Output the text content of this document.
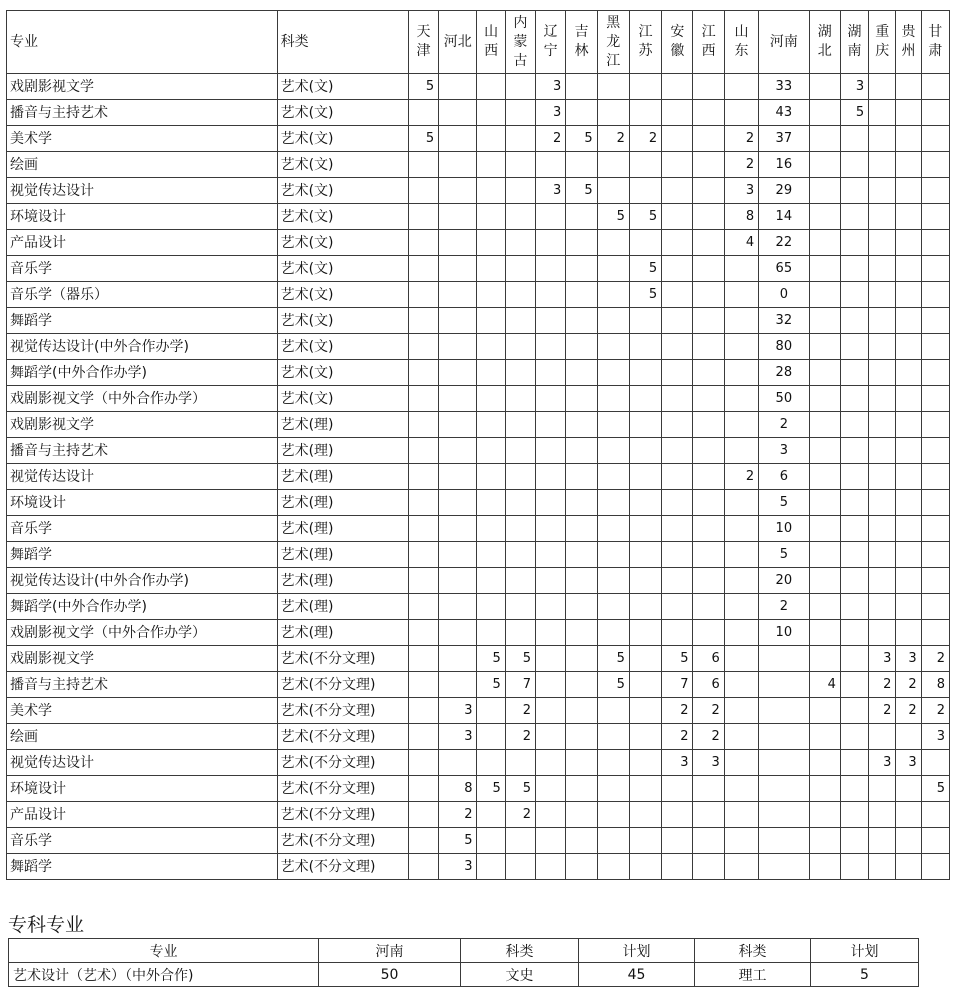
专业	科类	天津	河北	山西	内蒙古	辽宁	吉林	黑龙江	江苏	安徽	江西	山东	河南	湖北	湖南	重庆	贵州	甘肃
戏剧影视文学	艺术(文)	5				3							33		3			
播音与主持艺术	艺术(文)					3							43		5			
美术学	艺术(文)	5				2	5	2	2			2	37					
绘画	艺术(文)											2	16					
视觉传达设计	艺术(文)					3	5					3	29					
环境设计	艺术(文)							5	5			8	14					
产品设计	艺术(文)											4	22					
音乐学	艺术(文)								5				65					
音乐学（器乐）	艺术(文)								5				0					
舞蹈学	艺术(文)												32					
视觉传达设计(中外合作办学)	艺术(文)												80					
舞蹈学(中外合作办学)	艺术(文)												28					
戏剧影视文学（中外合作办学）	艺术(文)												50					
戏剧影视文学	艺术(理)												2					
播音与主持艺术	艺术(理)												3					
视觉传达设计	艺术(理)											2	6					
环境设计	艺术(理)												5					
音乐学	艺术(理)												10					
舞蹈学	艺术(理)												5					
视觉传达设计(中外合作办学)	艺术(理)												20					
舞蹈学(中外合作办学)	艺术(理)												2					
戏剧影视文学（中外合作办学）	艺术(理)												10					
戏剧影视文学	艺术(不分文理)			5	5			5		5	6					3	3	2
播音与主持艺术	艺术(不分文理)			5	7			5		7	6			4		2	2	8
美术学	艺术(不分文理)		3		2					2	2					2	2	2
绘画	艺术(不分文理)		3		2					2	2							3
视觉传达设计	艺术(不分文理)									3	3					3	3	
环境设计	艺术(不分文理)		8	5	5													5
产品设计	艺术(不分文理)		2		2													
音乐学	艺术(不分文理)		5															
舞蹈学	艺术(不分文理)		3															
专科专业
专业	河南	科类	计划	科类	计划
艺术设计（艺术）（中外合作)	50	文史	45	理工	5
